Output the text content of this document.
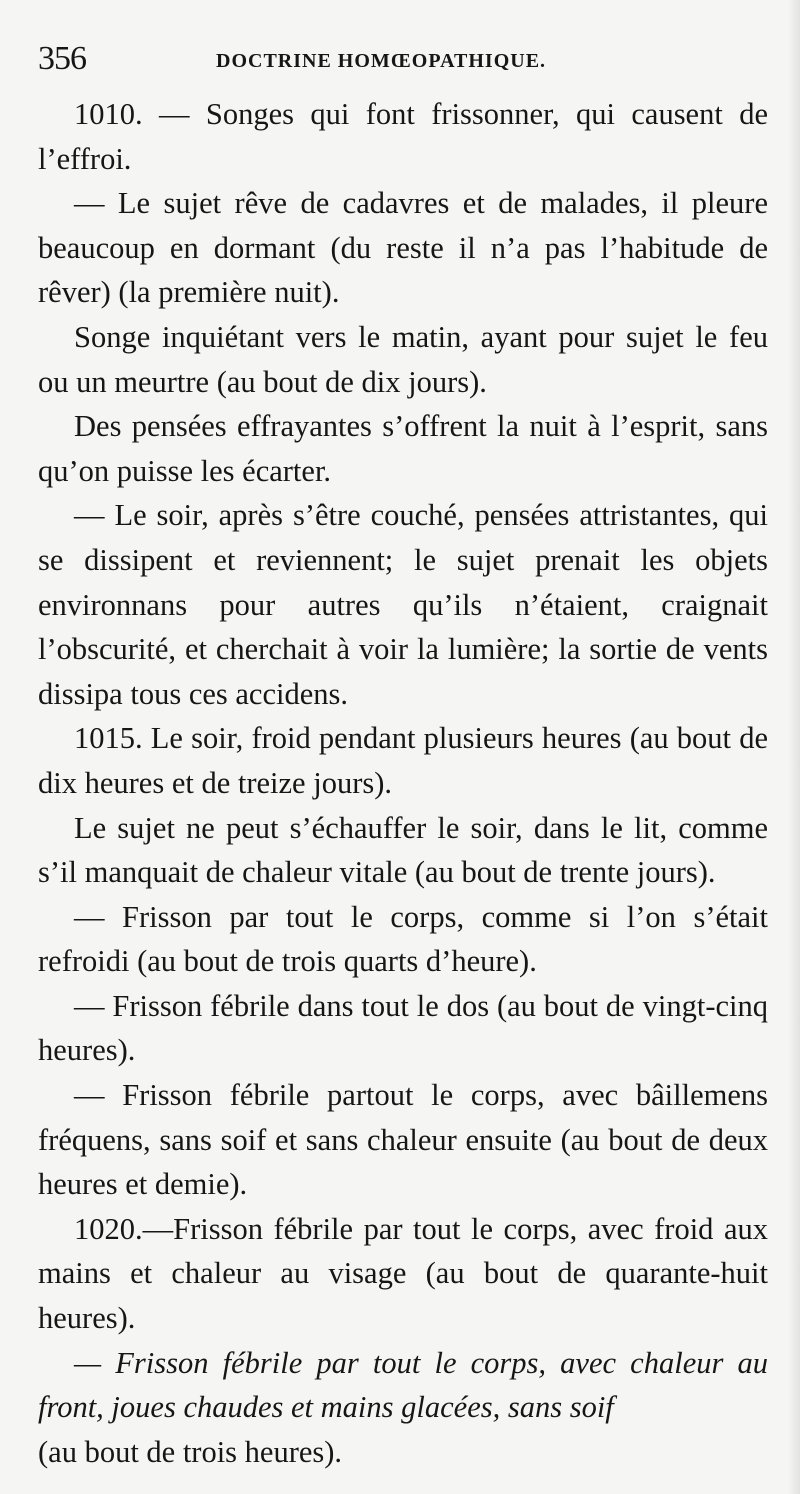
356	DOCTRINE HOMŒOPATHIQUE.

1010. — Songes qui font frissonner, qui causent de l’effroi.

— Le sujet rêve de cadavres et de malades, il pleure beaucoup en dormant (du reste il n’a pas l’habitude de rêver) (la première nuit).

Songe inquiétant vers le matin, ayant pour sujet le feu ou un meurtre (au bout de dix jours).

Des pensées effrayantes s’offrent la nuit à l’esprit, sans qu’on puisse les écarter.

— Le soir, après s’être couché, pensées attristantes, qui se dissipent et reviennent; le sujet prenait les objets environnans pour autres qu’ils n’étaient, craignait l’obscurité, et cherchait à voir la lumière; la sortie de vents dissipa tous ces accidens.

1015. Le soir, froid pendant plusieurs heures (au bout de dix heures et de treize jours).

Le sujet ne peut s’échauffer le soir, dans le lit, comme s’il manquait de chaleur vitale (au bout de trente jours).

— Frisson par tout le corps, comme si l’on s’était refroidi (au bout de trois quarts d’heure).

— Frisson fébrile dans tout le dos (au bout de vingt-cinq heures).

— Frisson fébrile partout le corps, avec bâillemens fréquens, sans soif et sans chaleur ensuite (au bout de deux heures et demie).

1020.—Frisson fébrile par tout le corps, avec froid aux mains et chaleur au visage (au bout de quarante-huit heures).

— Frisson fébrile par tout le corps, avec chaleur au front, joues chaudes et mains glacées, sans soif

(au bout de trois heures).
